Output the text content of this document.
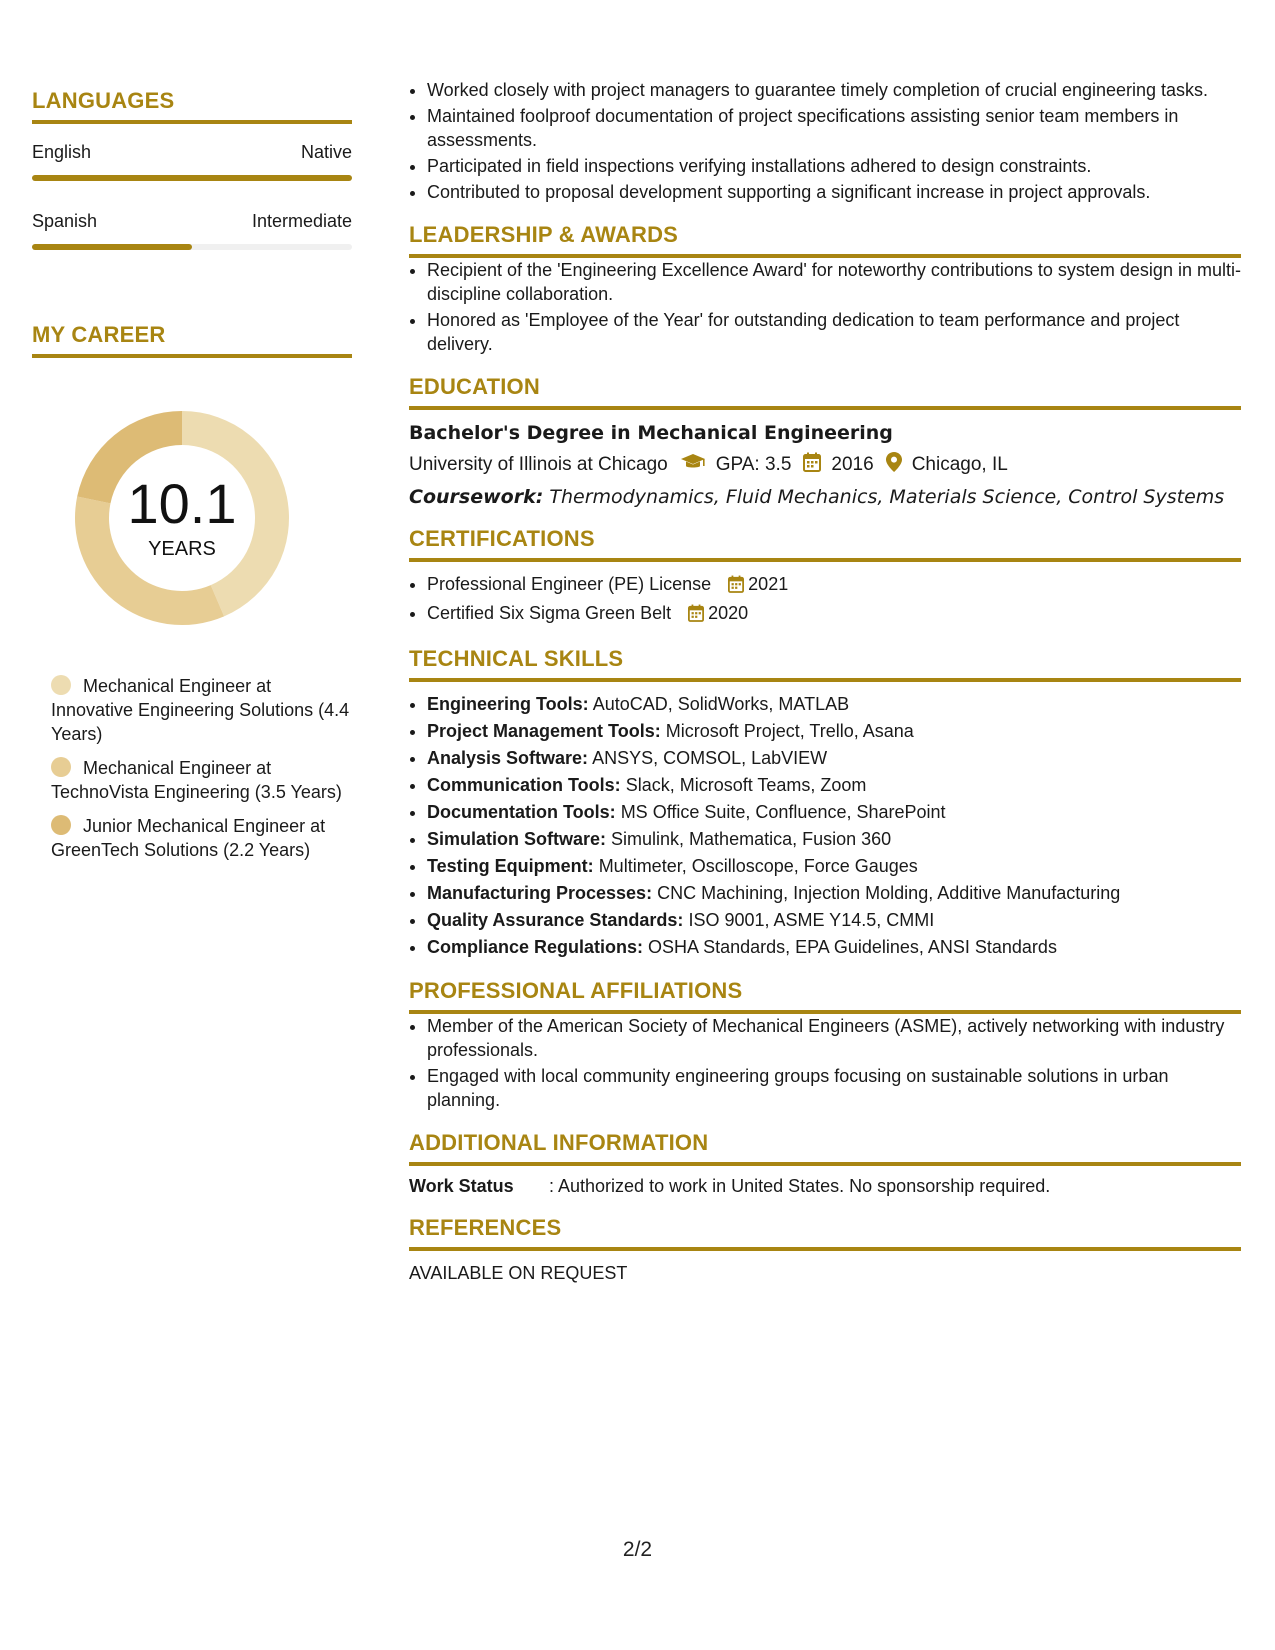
LANGUAGES
English	Native
Spanish	Intermediate
MY CAREER
10.1
YEARS
Mechanical Engineer at Innovative Engineering Solutions (4.4 Years)
Mechanical Engineer at TechnoVista Engineering (3.5 Years)
Junior Mechanical Engineer at GreenTech Solutions (2.2 Years)
• Worked closely with project managers to guarantee timely completion of crucial engineering tasks.
• Maintained foolproof documentation of project specifications assisting senior team members in assessments.
• Participated in field inspections verifying installations adhered to design constraints.
• Contributed to proposal development supporting a significant increase in project approvals.
LEADERSHIP & AWARDS
• Recipient of the 'Engineering Excellence Award' for noteworthy contributions to system design in multi-discipline collaboration.
• Honored as 'Employee of the Year' for outstanding dedication to team performance and project delivery.
EDUCATION
Bachelor's Degree in Mechanical Engineering
University of Illinois at Chicago	GPA: 3.5 2016 Chicago, IL
Coursework: Thermodynamics, Fluid Mechanics, Materials Science, Control Systems
CERTIFICATIONS
• Professional Engineer (PE) License 2021
• Certified Six Sigma Green Belt 2020
TECHNICAL SKILLS
• Engineering Tools: AutoCAD, SolidWorks, MATLAB
• Project Management Tools: Microsoft Project, Trello, Asana
• Analysis Software: ANSYS, COMSOL, LabVIEW
• Communication Tools: Slack, Microsoft Teams, Zoom
• Documentation Tools: MS Office Suite, Confluence, SharePoint
• Simulation Software: Simulink, Mathematica, Fusion 360
• Testing Equipment: Multimeter, Oscilloscope, Force Gauges
• Manufacturing Processes: CNC Machining, Injection Molding, Additive Manufacturing
• Quality Assurance Standards: ISO 9001, ASME Y14.5, CMMI
• Compliance Regulations: OSHA Standards, EPA Guidelines, ANSI Standards
PROFESSIONAL AFFILIATIONS
• Member of the American Society of Mechanical Engineers (ASME), actively networking with industry professionals.
• Engaged with local community engineering groups focusing on sustainable solutions in urban planning.
ADDITIONAL INFORMATION
Work Status	: Authorized to work in United States. No sponsorship required.
REFERENCES
AVAILABLE ON REQUEST
2/2
